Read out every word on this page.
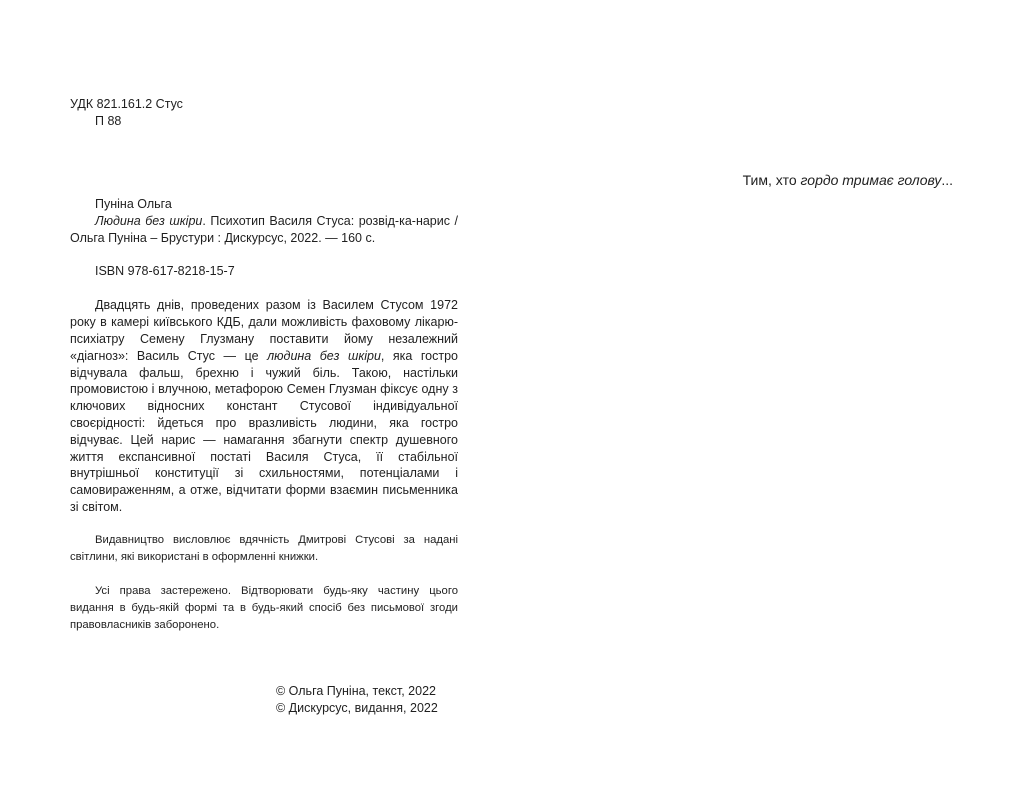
УДК 821.161.2 Стус
П 88

Пуніна Ольга

Людина без шкіри. Психотип Василя Стуса: розвід-ка-нарис / Ольга Пуніна – Брустури : Дискурсус, 2022. — 160 с.

ISBN 978-617-8218-15-7

Двадцять днів, проведених разом із Василем Стусом 1972 року в камері київського КДБ, дали можливість фаховому лікарю-психіатру Семену Глузману поставити йому незалежний «діагноз»: Василь Стус — це людина без шкіри, яка гостро відчувала фальш, брехню і чужий біль. Такою, настільки промовистою і влучною, метафорою Семен Глузман фіксує одну з ключових відносних констант Стусової індивідуальної своєрідності: йдеться про вразливість людини, яка гостро відчуває. Цей нарис — намагання збагнути спектр душевного життя експансивної постаті Василя Стуса, її стабільної внутрішньої конституції зі схильностями, потенціалами і самовираженням, а отже, відчитати форми взаємин письменника зі світом.

Видавництво висловлює вдячність Дмитрові Стусові за надані світлини, які використані в оформленні книжки.

Усі права застережено. Відтворювати будь-яку частину цього видання в будь-якій формі та в будь-який спосіб без письмової згоди правовласників заборонено.

© Ольга Пуніна, текст, 2022
© Дискурсус, видання, 2022
Тим, хто гордо тримає голову...
